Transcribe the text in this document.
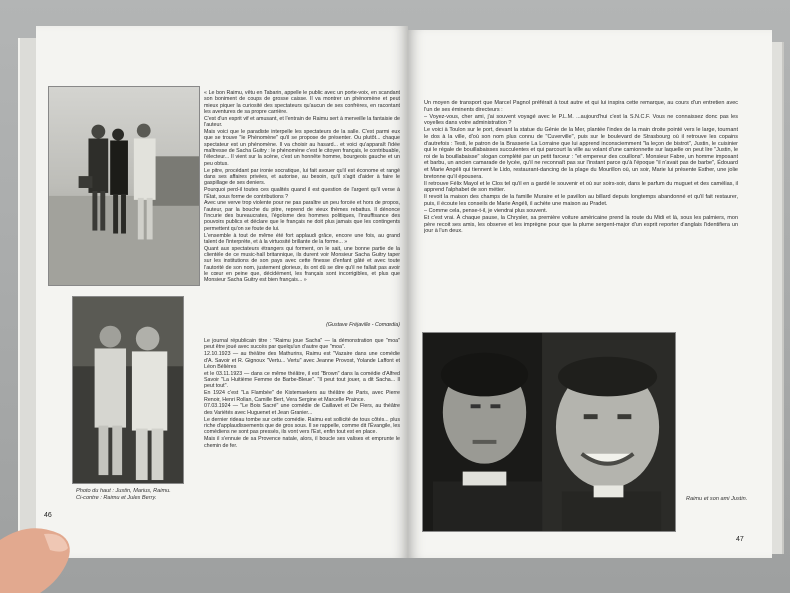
Photo du haut : Justin, Marius, Raimu.
Ci-contre : Raimu et Jules Berry.

« Le bon Raimu, vêtu en Tabarin, appelle le public avec un porte-voix, en scandant son boniment de coups de grosse caisse. Il va montrer un phénomène et peut mieux piquer la curiosité des spectateurs qu'aucun de ses confrères, en racontant les aventures de sa propre carrière.

C'est d'un esprit vif et amusant, et l'entrain de Raimu sert à merveille la fantaisie de l'auteur.

Mais voici que le paradiste interpelle les spectateurs de la salle. C'est parmi eux que se trouve "le Phénomène" qu'il se propose de présenter. Ou plutôt... chaque spectateur est un phénomène. Il va choisir au hasard... et voici qu'apparaît l'idée maîtresse de Sacha Guitry : le phénomène c'est le citoyen français, le contribuable, l'électeur... Il vient sur la scène, c'est un honnête homme, bourgeois gauche et un peu obtus.

Le pitre, procédant par ironie socratique, lui fait avouer qu'il est économe et rangé dans ses affaires privées, et autorise, au besoin, qu'il s'agit d'aider à faire le gaspillage de ses deniers.

Pourquoi perd-il toutes ces qualités quand il est question de l'argent qu'il verse à l'État, sous forme de contributions ?

Avec une verve trop violente pour ne pas paraître un peu forcée et hors de propos, l'auteur, par la bouche du pitre, reprend de vieux thèmes rebattus. Il dénonce l'incurie des bureaucrates, l'égoïsme des hommes politiques, l'insuffisance des pouvoirs publics et déclare que le français ne doit plus jamais que les contingents permettent qu'on se foute de lui.

L'ensemble à tout de même été fort applaudi grâce, encore une fois, au grand talent de l'interprète, et à la virtuosité brillante de la forme... »

Quant aux spectateurs étrangers qui forment, on le sait, une bonne partie de la clientèle de ce music-hall britannique, ils durent voir Monsieur Sacha Guitry taper sur les institutions de son pays avec cette finesse d'enfant gâté et avec toute l'autorité de son nom, justement glorieux, ils ont dû se dire qu'il ne fallait pas avoir le cœur en peine que, décidément, les français sont incorrigibles, et plus que Monsieur Sacha Guitry est bien français... »

(Gustave Fréjaville - Comœdia)

Le journal républicain titre : "Raimu joue Sacha" — la démonstration que "moa" peut être joué avec succès par quelqu'un d'autre que "moa".

12.10.1923 — au théâtre des Mathurins, Raimu est "Vazaire dans une comédie d'A. Savoir et R. Gignoux "Vertu... Vertu" avec Jeanne Provost, Yolande Laffont et Léon Bélières

et le 03.11.1923 — dans ce même théâtre, il est "Brown" dans la comédie d'Alfred Savoir "La Huitième Femme de Barbe-Bleue". "Il peut tout jouer, a dit Sacha... Il peut tout".

En 1924 c'est "La Flambée" de Kistemaekers au théâtre de Paris, avec Pierre Renoir, Henri Rollan, Camille Bert, Vera Sergine et Marcelle Praince.

07.03.1924 — "Le Bois Sacré" une comédie de Caillavet et De Flers, au théâtre des Variétés avec Huguenet et Jean Granier...

Le dernier rideau tombe sur cette comédie. Raimu est sollicité de tous côtés... plus riche d'applaudissements que de gros sous. Il se rappelle, comme dit l'Évangile, les comédiens ne sont pas pressés, ils vont vers l'Est, enfin tout est en place.

Mais il s'ennuie de sa Provence natale, alors, il boucle ses valises et emprunte le chemin de fer.

46

Un moyen de transport que Marcel Pagnol préférait à tout autre et qui lui inspira cette remarque, au cours d'un entretien avec l'un de ses éminents directeurs :

– Voyez-vous, cher ami, j'ai souvent voyagé avec le P.L.M. ...aujourd'hui c'est la S.N.C.F. Vous ne connaissez donc pas les voyelles dans votre administration ?

Le voici à Toulon sur le port, devant la statue du Génie de la Mer, plantée l'index de la main droite pointé vers le large, tournant le dos à la ville, d'où son nom plus connu de "Cuverville", puis sur le boulevard de Strasbourg où il retrouve les copains d'autrefois : Testi, le patron de la Brasserie La Lorraine que lui apprend inconsciemment "la leçon de bistrot", Justin, le cuisinier qui le régale de bouillabaisses succulentes et qui parcourt la ville au volant d'une camionnette sur laquelle on peut lire "Justin, le roi de la bouillabaisse" slogan complété par un petit farceur : "et empereur des couillons". Monsieur Fabre, un homme imposant et barbu, un ancien camarade de lycée, qu'il ne reconnaît pas sur l'instant parce qu'à l'époque "il n'avait pas de barbe", Édouard et Marie Angéli qui tiennent le Lido, restaurant-dancing de la plage du Mourillon où, un soir, Marie lui présente Esther, une jolie bretonne qu'il épousera.

Il retrouve Félix Mayol et le Clos tel qu'il en a gardé le souvenir et où sur soirs-soir, dans le parfum du muguet et des camélias, il apprend l'alphabet de son métier.

Il revoit la maison des champs de la famille Muraire et le pavillon au billard depuis longtemps abandonné et qu'il fait restaurer, puis, il écoute les conseils de Marie Angéli, il achète une maison au Pradet.

– Comme cela, pense-t-il, je viendrai plus souvent.

Et c'est vrai. À chaque pause, la Chrysler, sa première voiture américaine prend la route du Midi et là, sous les palmiers, mon père recoit ses amis, les observe et les imprègne pour que la plume sergent-major d'un esprit reporter d'anglais l'identifiera un jour à l'un deux.

Raimu et son ami Justin.
47
